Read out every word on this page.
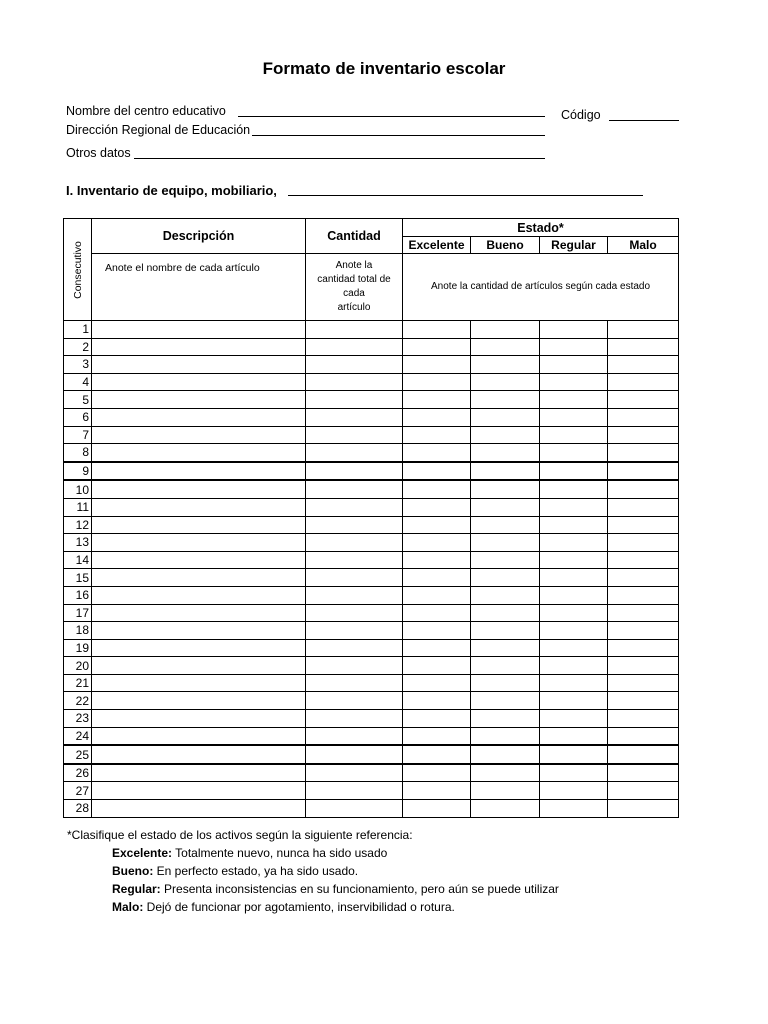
Formato de inventario escolar
Nombre del centro educativo
Dirección Regional de Educación
Otros datos
Código
I. Inventario de equipo, mobiliario,
Consecutivo	Descripción	Cantidad	Estado*			
			Excelente	Bueno	Regular	Malo
	Anote el nombre de cada artículo	Anote la
cantidad total de
cada
artículo	Anote la cantidad de artículos según cada estado			
1						
2						
3						
4						
5						
6						
7						
8						
9						
10						
11						
12						
13						
14						
15						
16						
17						
18						
19						
20						
21						
22						
23						
24						
25						
26						
27						
28						
*Clasifique el estado de los activos según la siguiente referencia:
Excelente: Totalmente nuevo, nunca ha sido usado
Bueno: En perfecto estado, ya ha sido usado.
Regular: Presenta inconsistencias en su funcionamiento, pero aún se puede utilizar
Malo: Dejó de funcionar por agotamiento, inservibilidad o rotura.
